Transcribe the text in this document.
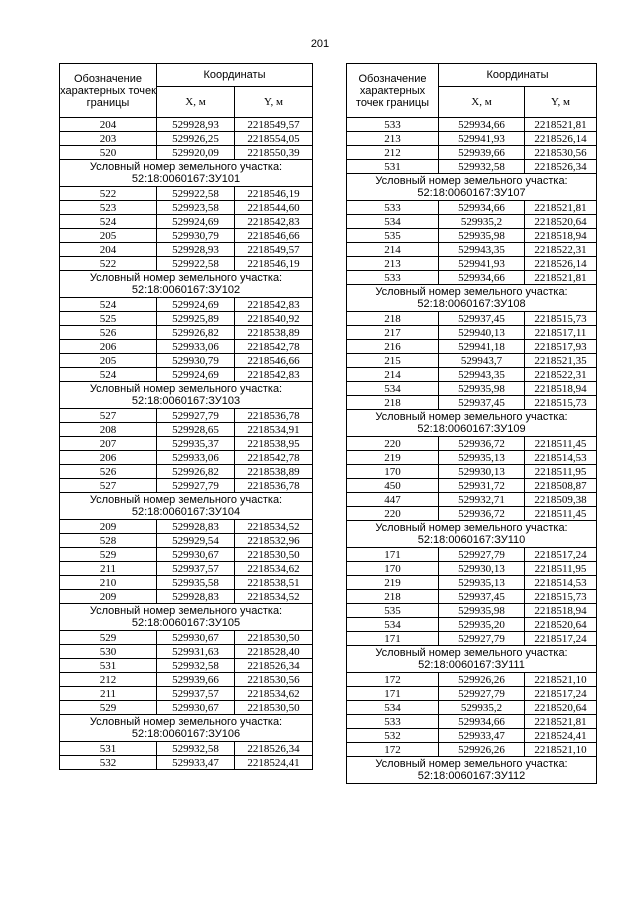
201
Обозначение характерных точек границы	Координаты	
	X, м	Y, м
204	529928,93	2218549,57
203	529926,25	2218554,05
520	529920,09	2218550,39
Условный номер земельного участка: 52:18:0060167:ЗУ101		
522	529922,58	2218546,19
523	529923,58	2218544,60
524	529924,69	2218542,83
205	529930,79	2218546,66
204	529928,93	2218549,57
522	529922,58	2218546,19
Условный номер земельного участка: 52:18:0060167:ЗУ102		
524	529924,69	2218542,83
525	529925,89	2218540,92
526	529926,82	2218538,89
206	529933,06	2218542,78
205	529930,79	2218546,66
524	529924,69	2218542,83
Условный номер земельного участка: 52:18:0060167:ЗУ103		
527	529927,79	2218536,78
208	529928,65	2218534,91
207	529935,37	2218538,95
206	529933,06	2218542,78
526	529926,82	2218538,89
527	529927,79	2218536,78
Условный номер земельного участка: 52:18:0060167:ЗУ104		
209	529928,83	2218534,52
528	529929,54	2218532,96
529	529930,67	2218530,50
211	529937,57	2218534,62
210	529935,58	2218538,51
209	529928,83	2218534,52
Условный номер земельного участка: 52:18:0060167:ЗУ105		
529	529930,67	2218530,50
530	529931,63	2218528,40
531	529932,58	2218526,34
212	529939,66	2218530,56
211	529937,57	2218534,62
529	529930,67	2218530,50
Условный номер земельного участка: 52:18:0060167:ЗУ106		
531	529932,58	2218526,34
532	529933,47	2218524,41
Обозначение характерных точек границы	Координаты	
	X, м	Y, м
533	529934,66	2218521,81
213	529941,93	2218526,14
212	529939,66	2218530,56
531	529932,58	2218526,34
Условный номер земельного участка: 52:18:0060167:ЗУ107		
533	529934,66	2218521,81
534	529935,2	2218520,64
535	529935,98	2218518,94
214	529943,35	2218522,31
213	529941,93	2218526,14
533	529934,66	2218521,81
Условный номер земельного участка: 52:18:0060167:ЗУ108		
218	529937,45	2218515,73
217	529940,13	2218517,11
216	529941,18	2218517,93
215	529943,7	2218521,35
214	529943,35	2218522,31
534	529935,98	2218518,94
218	529937,45	2218515,73
Условный номер земельного участка: 52:18:0060167:ЗУ109		
220	529936,72	2218511,45
219	529935,13	2218514,53
170	529930,13	2218511,95
450	529931,72	2218508,87
447	529932,71	2218509,38
220	529936,72	2218511,45
Условный номер земельного участка: 52:18:0060167:ЗУ110		
171	529927,79	2218517,24
170	529930,13	2218511,95
219	529935,13	2218514,53
218	529937,45	2218515,73
535	529935,98	2218518,94
534	529935,20	2218520,64
171	529927,79	2218517,24
Условный номер земельного участка: 52:18:0060167:ЗУ111		
172	529926,26	2218521,10
171	529927,79	2218517,24
534	529935,2	2218520,64
533	529934,66	2218521,81
532	529933,47	2218524,41
172	529926,26	2218521,10
Условный номер земельного участка: 52:18:0060167:ЗУ112		
